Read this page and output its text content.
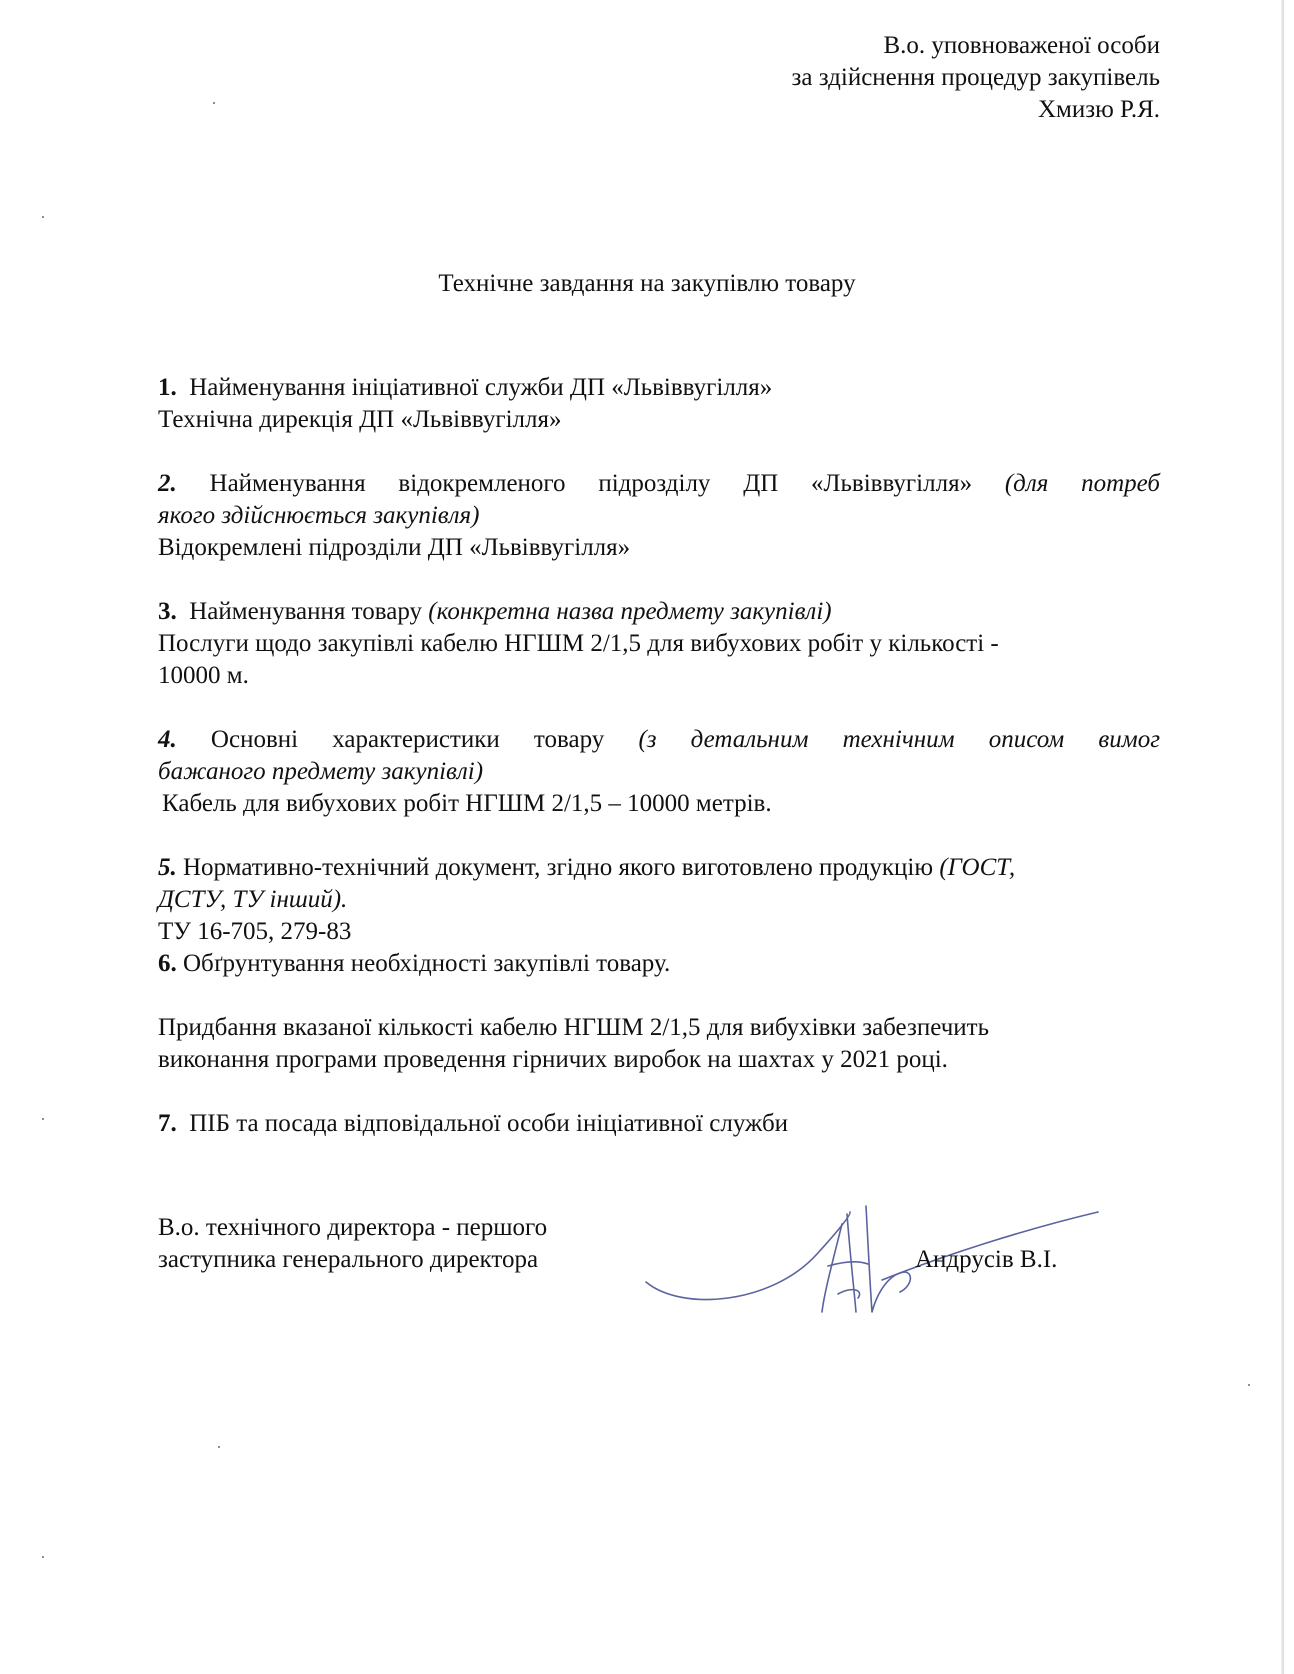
В.о. уповноваженої особи
за здійснення процедур закупівель
Хмизю Р.Я.
Технічне завдання на закупівлю товару
1. Найменування ініціативної служби ДП «Львіввугілля»
Технічна дирекція ДП «Львіввугілля»
2. Найменування відокремленого підрозділу ДП «Львіввугілля» (для потреб
якого здійснюється закупівля)
Відокремлені підрозділи ДП «Львіввугілля»
3. Найменування товару (конкретна назва предмету закупівлі)
Послуги щодо закупівлі кабелю НГШМ 2/1,5 для вибухових робіт у кількості -
10000 м.
4. Основні характеристики товару (з детальним технічним описом вимог
бажаного предмету закупівлі)
Кабель для вибухових робіт НГШМ 2/1,5 – 10000 метрів.
5. Нормативно-технічний документ, згідно якого виготовлено продукцію (ГОСТ,
ДСТУ, ТУ інший).
ТУ 16-705, 279-83
6. Обґрунтування необхідності закупівлі товару.
Придбання вказаної кількості кабелю НГШМ 2/1,5 для вибухівки забезпечить
виконання програми проведення гірничих виробок на шахтах у 2021 році.
7. ПІБ та посада відповідальної особи ініціативної служби
В.о. технічного директора - першого
заступника генерального директора	Андрусів В.І.
